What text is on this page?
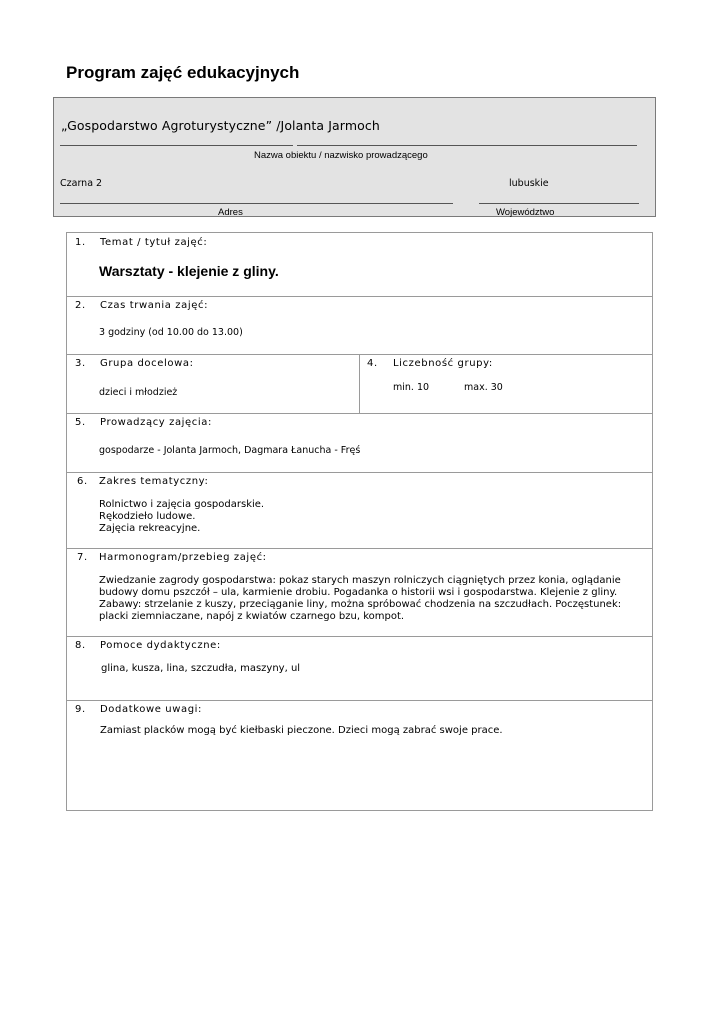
Program zajęć edukacyjnych
„Gospodarstwo Agroturystyczne” /Jolanta Jarmoch
Nazwa obiektu / nazwisko prowadzącego
Czarna 2	lubuskie
Adres	Województwo
1. Temat / tytuł zajęć:
Warsztaty - klejenie z gliny.
2. Czas trwania zajęć:
3 godziny (od 10.00 do 13.00)
3. Grupa docelowa:
dzieci i młodzież
4. Liczebność grupy:
min. 10	max. 30
5. Prowadzący zajęcia:
gospodarze - Jolanta Jarmoch, Dagmara Łanucha - Fręś
6. Zakres tematyczny:
Rolnictwo i zajęcia gospodarskie.
Rękodzieło ludowe.
Zajęcia rekreacyjne.
7. Harmonogram/przebieg zajęć:
Zwiedzanie zagrody gospodarstwa: pokaz starych maszyn rolniczych ciągniętych przez konia, oglądanie
budowy domu pszczół – ula, karmienie drobiu. Pogadanka o historii wsi i gospodarstwa. Klejenie z gliny.
Zabawy: strzelanie z kuszy, przeciąganie liny, można spróbować chodzenia na szczudłach. Poczęstunek:
placki ziemniaczane, napój z kwiatów czarnego bzu, kompot.
8. Pomoce dydaktyczne:
glina, kusza, lina, szczudła, maszyny, ul
9. Dodatkowe uwagi:
Zamiast placków mogą być kiełbaski pieczone. Dzieci mogą zabrać swoje prace.
